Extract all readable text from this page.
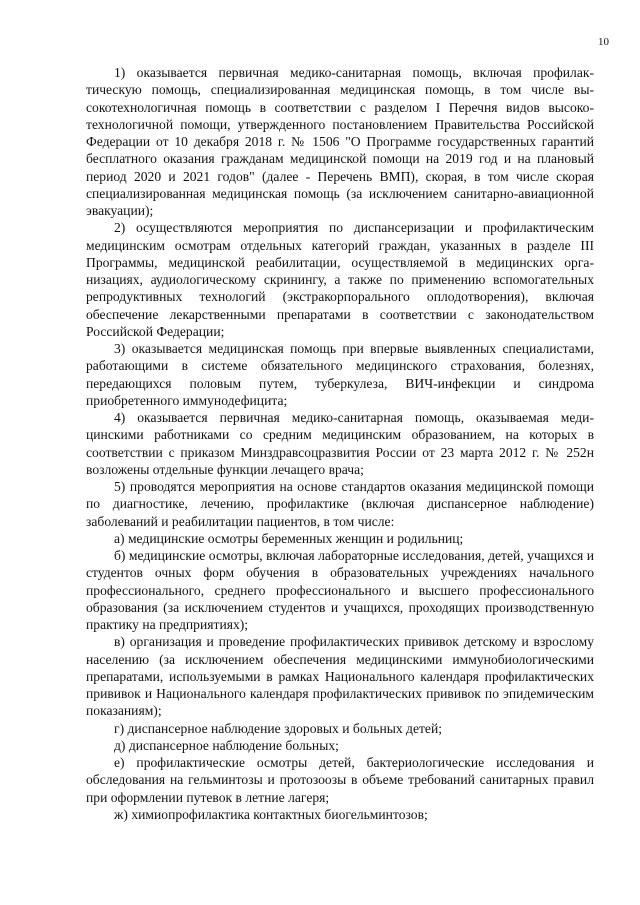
10

1) оказывается первичная медико-санитарная помощь, включая профилактическую помощь, специализированная медицинская помощь, в том числе высокотехнологичная помощь в соответствии с разделом I Перечня видов высокотехнологичной помощи, утвержденного постановлением Правительства Российской Федерации от 10 декабря 2018 г. № 1506 "О Программе государственных гарантий бесплатного оказания гражданам медицинской помощи на 2019 год и на плановый период 2020 и 2021 годов" (далее - Перечень ВМП), скорая, в том числе скорая специализированная медицинская помощь (за исключением санитарно-авиационной эвакуации);

2) осуществляются мероприятия по диспансеризации и профилактическим медицинским осмотрам отдельных категорий граждан, указанных в разделе III Программы, медицинской реабилитации, осуществляемой в медицинских организациях, аудиологическому скринингу, а также по применению вспомогательных репродуктивных технологий (экстракорпорального оплодотворения), включая обеспечение лекарственными препаратами в соответствии с законодательством Российской Федерации;

3) оказывается медицинская помощь при впервые выявленных специалистами, работающими в системе обязательного медицинского страхования, болезнях, передающихся половым путем, туберкулеза, ВИЧ-инфекции и синдрома приобретенного иммунодефицита;

4) оказывается первичная медико-санитарная помощь, оказываемая медицинскими работниками со средним медицинским образованием, на которых в соответствии с приказом Минздравсоцразвития России от 23 марта 2012 г. № 252н возложены отдельные функции лечащего врача;

5) проводятся мероприятия на основе стандартов оказания медицинской помощи по диагностике, лечению, профилактике (включая диспансерное наблюдение) заболеваний и реабилитации пациентов, в том числе:

а) медицинские осмотры беременных женщин и родильниц;

б) медицинские осмотры, включая лабораторные исследования, детей, учащихся и студентов очных форм обучения в образовательных учреждениях начального профессионального, среднего профессионального и высшего профессионального образования (за исключением студентов и учащихся, проходящих производственную практику на предприятиях);

в) организация и проведение профилактических прививок детскому и взрослому населению (за исключением обеспечения медицинскими иммунобиологическими препаратами, используемыми в рамках Национального календаря профилактических прививок и Национального календаря профилактических прививок по эпидемическим показаниям);

г) диспансерное наблюдение здоровых и больных детей;

д) диспансерное наблюдение больных;

е) профилактические осмотры детей, бактериологические исследования и обследования на гельминтозы и протозоозы в объеме требований санитарных правил при оформлении путевок в летние лагеря;

ж) химиопрофилактика контактных биогельминтозов;
